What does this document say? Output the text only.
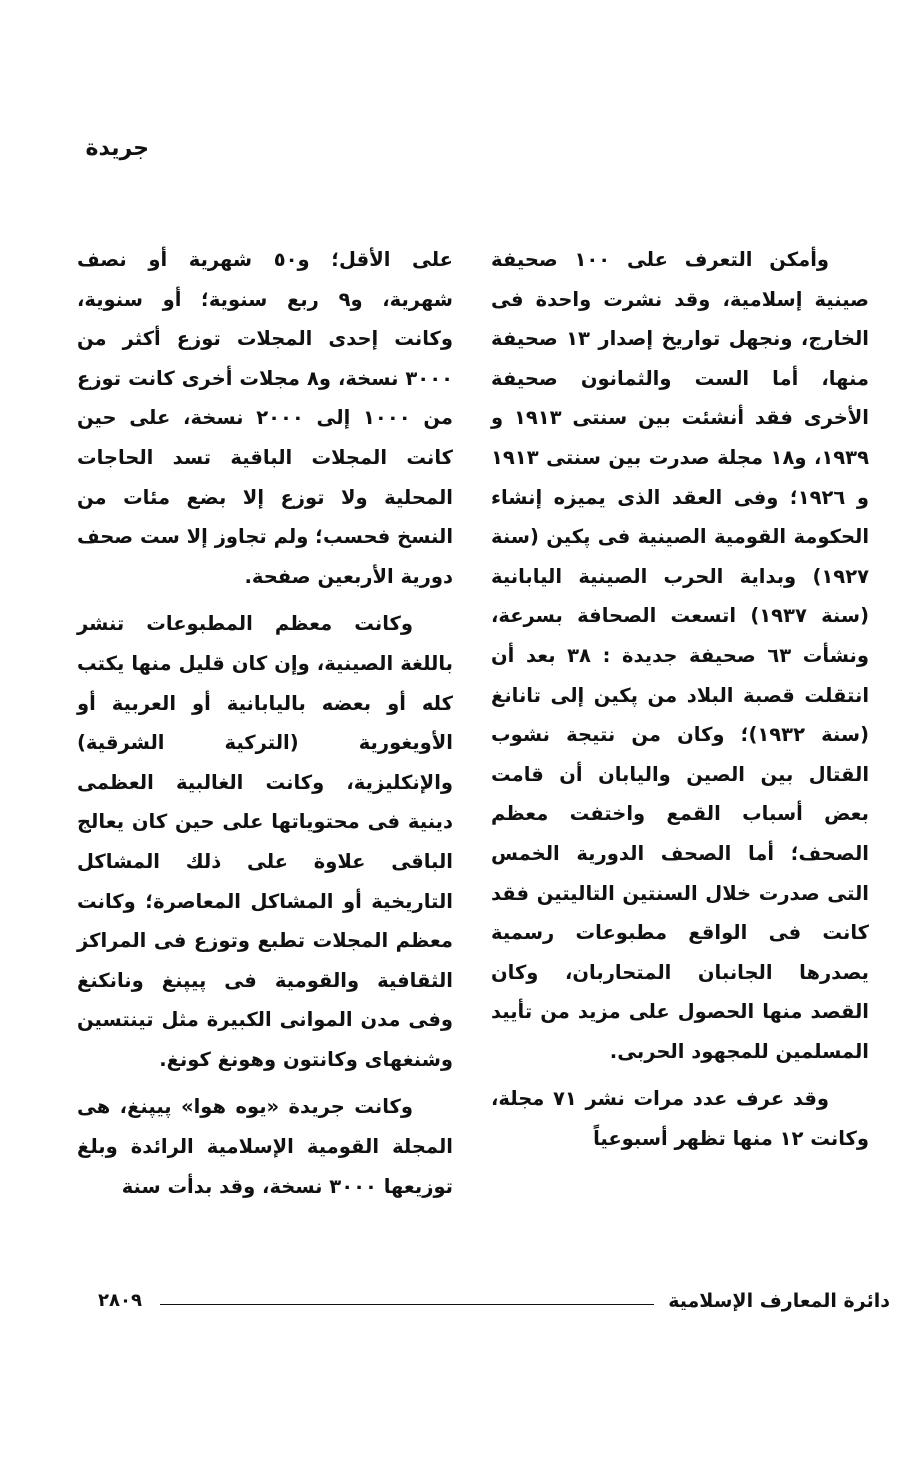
جريدة

وأمكن التعرف على ١٠٠ صحيفة صينية إسلامية، وقد نشرت واحدة فى الخارج، ونجهل تواريخ إصدار ١٣ صحيفة منها، أما الست والثمانون صحيفة الأخرى فقد أنشئت بين سنتى ١٩١٣ و ١٩٣٩، و١٨ مجلة صدرت بين سنتى ١٩١٣ و ١٩٢٦؛ وفى العقد الذى يميزه إنشاء الحكومة القومية الصينية فى پكين (سنة ١٩٢٧) وبداية الحرب الصينية اليابانية (سنة ١٩٣٧) اتسعت الصحافة بسرعة، ونشأت ٦٣ صحيفة جديدة : ٣٨ بعد أن انتقلت قصبة البلاد من پكين إلى تانانغ (سنة ١٩٣٢)؛ وكان من نتيجة نشوب القتال بين الصين واليابان أن قامت بعض أسباب القمع واختفت معظم الصحف؛ أما الصحف الدورية الخمس التى صدرت خلال السنتين التاليتين فقد كانت فى الواقع مطبوعات رسمية يصدرها الجانبان المتحاربان، وكان القصد منها الحصول على مزيد من تأييد المسلمين للمجهود الحربى.

وقد عرف عدد مرات نشر ٧١ مجلة، وكانت ١٢ منها تظهر أسبوعياً

على الأقل؛ و٥٠ شهرية أو نصف شهرية، و٩ ربع سنوية؛ أو سنوية، وكانت إحدى المجلات توزع أكثر من ٣٠٠٠ نسخة، و٨ مجلات أخرى كانت توزع من ١٠٠٠ إلى ٢٠٠٠ نسخة، على حين كانت المجلات الباقية تسد الحاجات المحلية ولا توزع إلا بضع مئات من النسخ فحسب؛ ولم تجاوز إلا ست صحف دورية الأربعين صفحة.

وكانت معظم المطبوعات تنشر باللغة الصينية، وإن كان قليل منها يكتب كله أو بعضه باليابانية أو العربية أو الأويغورية (التركية الشرقية) والإنكليزية، وكانت الغالبية العظمى دينية فى محتوياتها على حين كان يعالج الباقى علاوة على ذلك المشاكل التاريخية أو المشاكل المعاصرة؛ وكانت معظم المجلات تطبع وتوزع فى المراكز الثقافية والقومية فى پيپنغ ونانكنغ وفى مدن الموانى الكبيرة مثل تينتسين وشنغهاى وكانتون وهونغ كونغ.

وكانت جريدة «يوه هوا» پيپنغ، هى المجلة القومية الإسلامية الرائدة وبلغ توزيعها ٣٠٠٠ نسخة، وقد بدأت سنة

٢٨٠٩	دائرة المعارف الإسلامية
